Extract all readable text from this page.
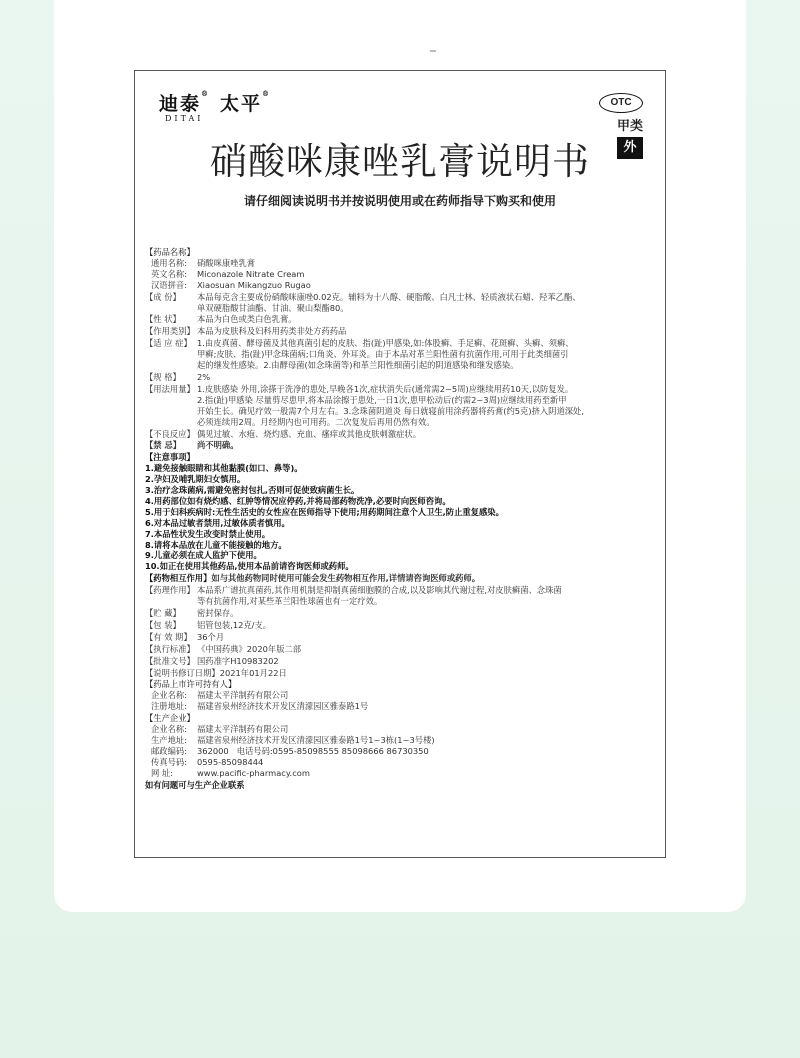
迪泰® 太平®
DITAI
OTC
甲类
外
硝酸咪康唑乳膏说明书
请仔细阅读说明书并按说明使用或在药师指导下购买和使用
【药品名称】
通用名称:	硝酸咪康唑乳膏
英文名称:	Miconazole Nitrate Cream
汉语拼音:	Xiaosuan Mikangzuo Rugao
【成 份】	本品每克含主要成份硝酸咪康唑0.02克。辅料为十八醇、硬脂酸、白凡士林、轻质液状石蜡、羟苯乙酯、
单双硬脂酸甘油酯、甘油、聚山梨酯80。
【性 状】	本品为白色或类白色乳膏。
【作用类别】 本品为皮肤科及妇科用药类非处方药药品
【适 应 症】 1.由皮真菌、酵母菌及其他真菌引起的皮肤、指(趾)甲感染,如:体股癣、手足癣、花斑癣、头癣、须癣、
甲癣;皮肤、指(趾)甲念珠菌病;口角炎、外耳炎。由于本品对革兰阳性菌有抗菌作用,可用于此类细菌引
起的继发性感染。2.由酵母菌(如念珠菌等)和革兰阳性细菌引起的阴道感染和继发感染。
【规 格】	2%
【用法用量】 1.皮肤感染 外用,涂搽于洗净的患处,早晚各1次,症状消失后(通常需2~5周)应继续用药10天,以防复发。
2.指(趾)甲感染 尽量剪尽患甲,将本品涂擦于患处,一日1次,患甲松动后(约需2~3周)应继续用药至新甲
开始生长。确见疗效一般需7个月左右。3.念珠菌阴道炎 每日就寝前用涂药器将药膏(约5克)挤入阴道深处,
必须连续用2周。月经期内也可用药。二次复发后再用仍然有效。
【不良反应】 偶见过敏、水疱、烧灼感、充血、瘙痒或其他皮肤刺激症状。
【禁 忌】	尚不明确。
【注意事项】
1.避免接触眼睛和其他黏膜(如口、鼻等)。
2.孕妇及哺乳期妇女慎用。
3.治疗念珠菌病,需避免密封包扎,否则可促使致病菌生长。
4.用药部位如有烧灼感、红肿等情况应停药,并将局部药物洗净,必要时向医师咨询。
5.用于妇科疾病时:无性生活史的女性应在医师指导下使用;用药期间注意个人卫生,防止重复感染。
6.对本品过敏者禁用,过敏体质者慎用。
7.本品性状发生改变时禁止使用。
8.请将本品放在儿童不能接触的地方。
9.儿童必须在成人监护下使用。
10.如正在使用其他药品,使用本品前请咨询医师或药师。
【药物相互作用】 如与其他药物同时使用可能会发生药物相互作用,详情请咨询医师或药师。
【药理作用】 本品系广谱抗真菌药,其作用机制是抑制真菌细胞膜的合成,以及影响其代谢过程,对皮肤癣菌、念珠菌
等有抗菌作用,对某些革兰阳性球菌也有一定疗效。
【贮 藏】	密封保存。
【包 装】	铝管包装,12克/支。
【有 效 期】 36个月
【执行标准】 《中国药典》2020年版二部
【批准文号】 国药准字H10983202
【说明书修订日期】 2021年01月22日
【药品上市许可持有人】
企业名称:	福建太平洋制药有限公司
注册地址:	福建省泉州经济技术开发区清濛园区雅泰路1号
【生产企业】
企业名称:	福建太平洋制药有限公司
生产地址:	福建省泉州经济技术开发区清濛园区雅泰路1号1~3栋(1~3号楼)
邮政编码:	362000 电话号码: 0595-85098555 85098666 86730350
传真号码:	0595-85098444
网 址:	www.pacific-pharmacy.com
如有问题可与生产企业联系
